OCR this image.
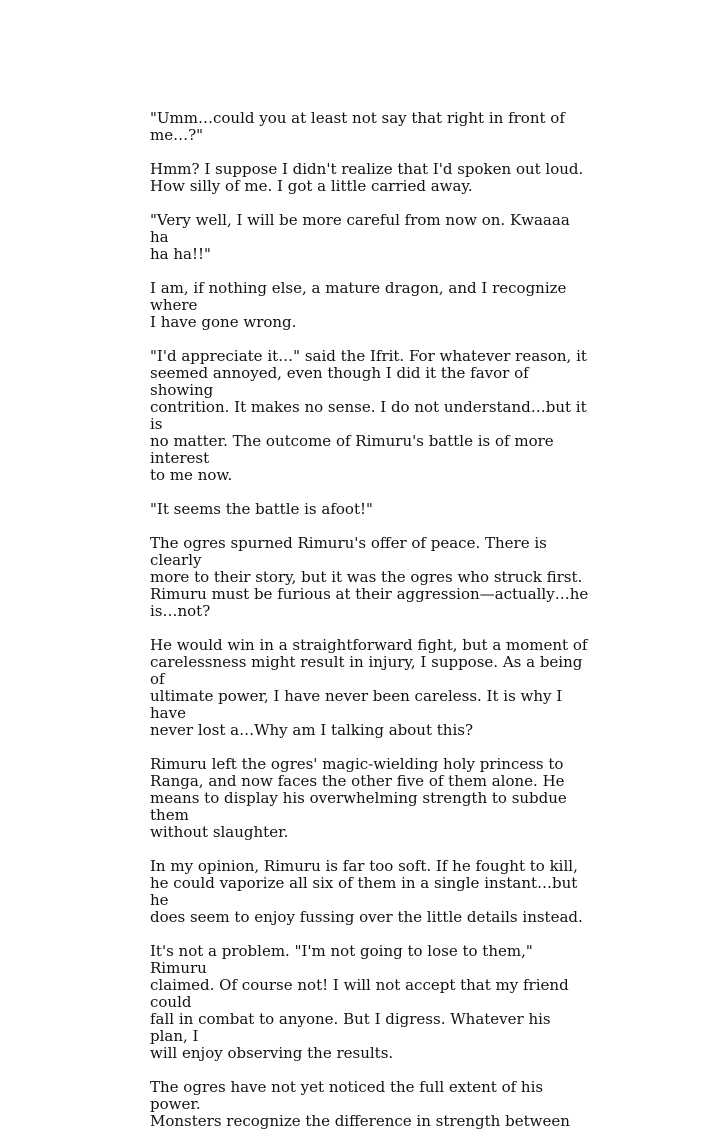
"Umm…could you at least not say that right in front of
me…?"

Hmm? I suppose I didn't realize that I'd spoken out loud.
How silly of me. I got a little carried away.

"Very well, I will be more careful from now on. Kwaaaa ha
ha ha!!"

I am, if nothing else, a mature dragon, and I recognize where
I have gone wrong.

"I'd appreciate it…" said the Ifrit. For whatever reason, it
seemed annoyed, even though I did it the favor of showing
contrition. It makes no sense. I do not understand…but it is
no matter. The outcome of Rimuru's battle is of more interest
to me now.

"It seems the battle is afoot!"

The ogres spurned Rimuru's offer of peace. There is clearly
more to their story, but it was the ogres who struck first.
Rimuru must be furious at their aggression—actually…he
is…not?

He would win in a straightforward fight, but a moment of
carelessness might result in injury, I suppose. As a being of
ultimate power, I have never been careless. It is why I have
never lost a…Why am I talking about this?

Rimuru left the ogres' magic-wielding holy princess to
Ranga, and now faces the other five of them alone. He
means to display his overwhelming strength to subdue them
without slaughter.

In my opinion, Rimuru is far too soft. If he fought to kill,
he could vaporize all six of them in a single instant…but he
does seem to enjoy fussing over the little details instead.

It's not a problem. "I'm not going to lose to them," Rimuru
claimed. Of course not! I will not accept that my friend could
fall in combat to anyone. But I digress. Whatever his plan, I
will enjoy observing the results.

The ogres have not yet noticed the full extent of his power.
Monsters recognize the difference in strength between
